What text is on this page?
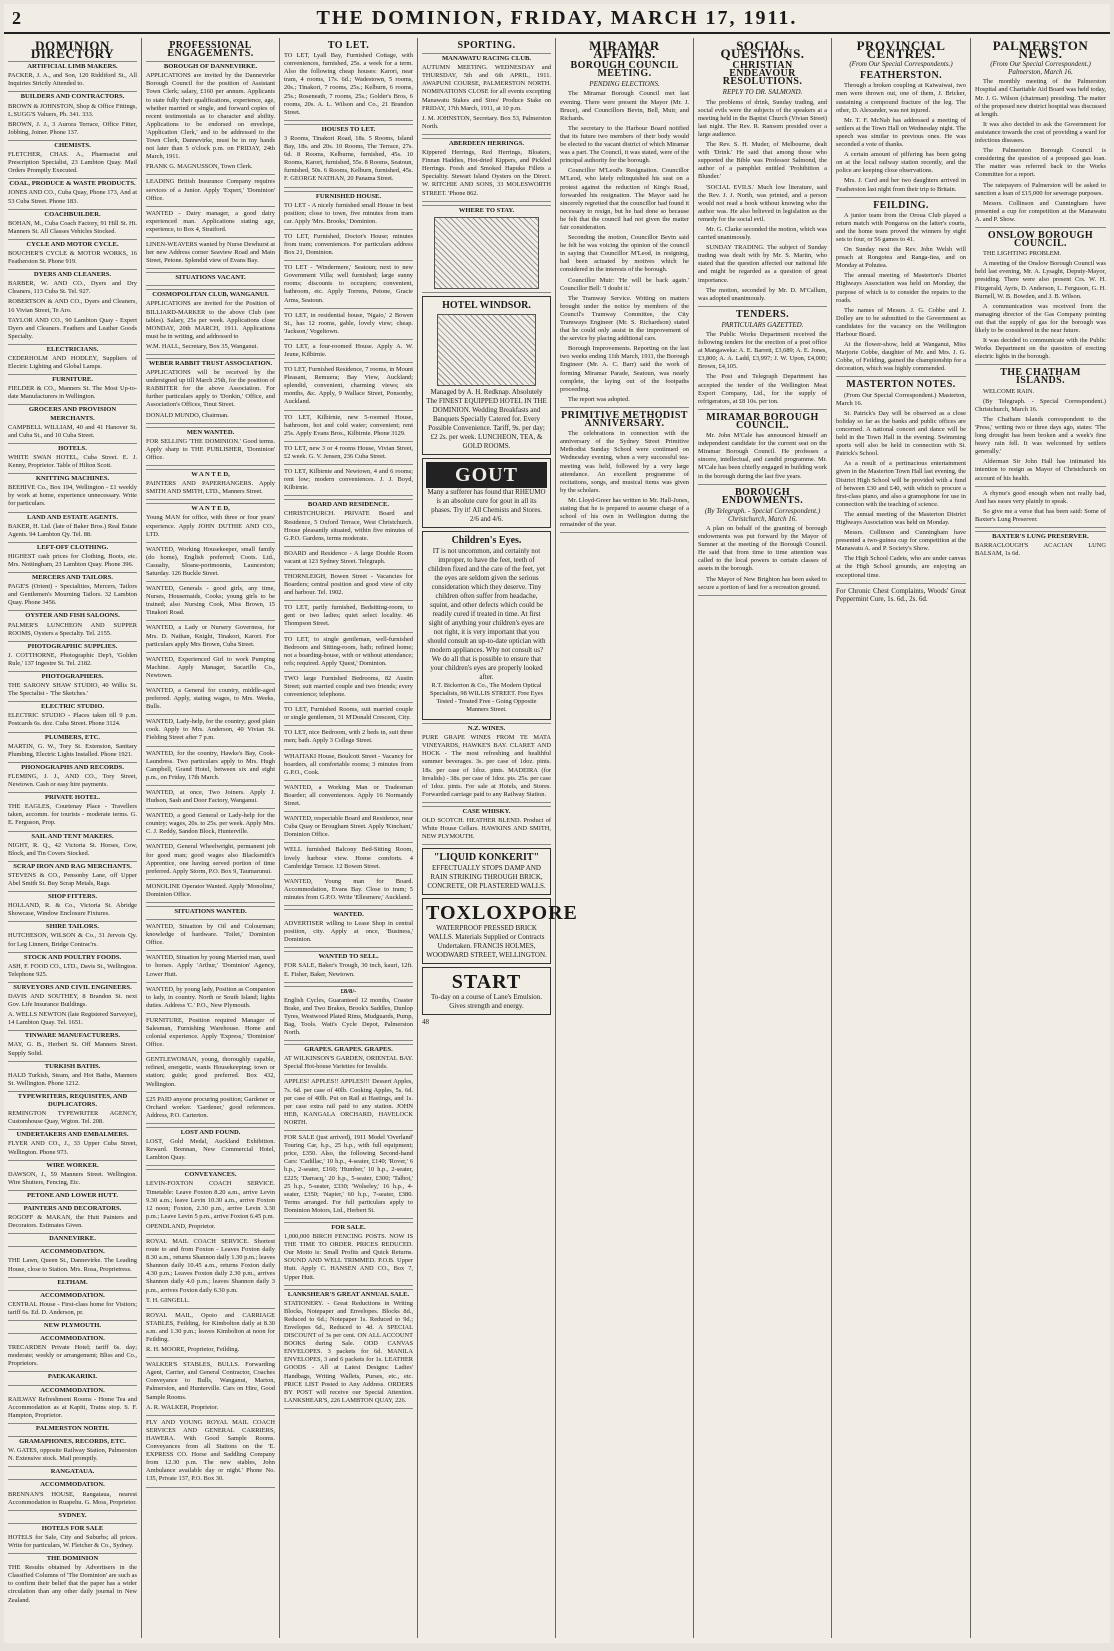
2	THE DOMINION, FRIDAY, MARCH 17, 1911.
DOMINION DIRECTORY
ARTIFICIAL LIMB MAKERS.
PACKER, J. A., and Son, 120 Riddiford St., All Inquiries Strictly Attended to.
BUILDERS AND CONTRACTORS.
BROWN & JOHNSTON, Shop & Office Fittings, L.SUGG'S Valuers, Ph. 341. 333.
BROWN, J. J., 3 Aurora Terrace, Office Fitter, Jobbing, Joiner. Phone 137.
CHEMISTS.
FLETCHER, CHAS. A., Pharmacist and Prescription Specialist, 23 Lambton Quay. Mail Orders Promptly Executed.
COAL, PRODUCE & WASTE PRODUCTS.
JONES AND CO., Cuba Quay, Phone 173, And at 53 Cuba Street. Phone 183.
COACHBUILDER.
BOHAN, M., Cuba Coach Factory, 91 Hill St. Ht. Manners St. All Classes Vehicles Stocked.
CYCLE AND MOTOR CYCLE.
BOUCHER'S CYCLE & MOTOR WORKS, 16 Featherston St. Phone 919.
DYERS AND CLEANERS.
BARBER, W. AND CO., Dyers and Dry Cleaners, 113 Cuba St. Tel. 927.
ROBERTSON & AND CO., Dyers and Cleaners, 16 Vivian Street, Te Aro.
TAYLOR AND CO., 90 Lambton Quay - Expert Dyers and Cleaners. Feathers and Leather Goods Specialty.
ELECTRICIANS.
CEDERHOLM AND HODLEY, Suppliers of Electric Lighting and Global Lamps.
FURNITURE.
FIELDER & CO., Manners St. The Most Up-to-date Manufacturers in Wellington.
GROCERS AND PROVISION MERCHANTS.
CAMPBELL WILLIAM, 40 and 41 Hanover St. and Cuba St., and 10 Cuba Street.
HOTELS.
WHITE SWAN HOTEL, Cuba Street. E. J. Kenny, Proprietor. Table of Hilton Scott.
KNITTING MACHINES.
BEEHIVE Co., Box 194, Wellington - £1 weekly by work at home, experience unnecessary. Write for particulars.
LAND AND ESTATE AGENTS.
BAKER, H. Ltd. (late of Baker Bros.) Real Estate Agents. 94 Lambton Qy. Tel. 88.
LEFT-OFF CLOTHING.
HIGHEST cash prices for Clothing, Boots, etc. Mrs. Nottingham, 23 Lambton Quay. Phone 396.
MERCERS AND TAILORS.
PAGE'S (Orient) - Specialities, Mercers, Tailors and Gentlemen's Mourning Tailors. 32 Lambton Quay. Phone 3456.
OYSTER AND FISH SALOONS.
PALMER'S LUNCHEON AND SUPPER ROOMS, Oysters a Specialty. Tel. 2155.
PHOTOGRAPHIC SUPPLIES.
J. COTTHORNE, Photographic Dep't, 'Golden Rule,' 137 Ingestre St. Tel. 2182.
PHOTOGRAPHERS.
THE SARONY SHAW STUDIO, 40 Willis St. The Specialist - 'The Sketches.'
ELECTRIC STUDIO.
ELECTRIC STUDIO - Places taken till 9 p.m. Postcards 6s. doz. Cuba Street. Phone 3124.
PLUMBERS, ETC.
MARTIN, G. W., Tory St. Extension, Sanitary Plumbing, Electric Lights Installed. Phone 1921.
PHONOGRAPHS AND RECORDS.
FLEMING, J. J., AND CO., Tory Street, Newtown. Cash or easy hire payments.
PRIVATE HOTEL.
THE EAGLES, Courtenay Place - Travellers taken, accomm. for tourists - moderate terms. G. E. Ferguson, Prop.
SAIL AND TENT MAKERS.
NIGHT, R. Q., 42 Victoria St. Horses, Cow, Block, and Tin Covers Stocked.
SCRAP IRON AND RAG MERCHANTS.
STEVENS & CO., Pensonby Lane, off Upper Abel Smith St. Buy Scrap Metals, Rags.
SHOP FITTERS.
HOLLAND, R. & Co., Victoria St. Abridge Showcase, Window Enclosure Fixtures.
SHIRE TAILORS.
HUTCHESON, WILSON & Co., 31 Jervois Qy. for Leg Linners, Bridge Contrac'rs.
STOCK AND POULTRY FOODS.
ASH, F. FOOD CO., LTD., Davis St., Wellington. Telephone 925.
SURVEYORS AND CIVIL ENGINEERS.
DAVIS AND SOUTHEY, 8 Brandon St. next Gov. Life Insurance Buildings.
A. WELLS NEWTON (late Registered Surveyor), 14 Lambton Quay. Tel. 1651.
TINWARE MANUFACTURERS.
MAY, G. B., Herbert St. Off Manners Street. Supply Solid.
TURKISH BATHS.
HALD Turkish, Steam, and Hot Baths, Manners St. Wellington. Phone 1212.
TYPEWRITERS, REQUISITES, AND DUPLICATORS.
REMINGTON TYPEWRITER AGENCY, Customhouse Quay, Wgton. Tel. 208.
UNDERTAKERS AND EMBALMERS.
FLYER AND CO., J., 33 Upper Cuba Street, Wellington. Phone 973.
WIRE WORKER.
DAWSON, J., 59 Manners Street. Wellington. Wire Shutters, Fencing, Etc.
PETONE AND LOWER HUTT.
PAINTERS AND DECORATORS.
ROGOFF & MAKAN, the Hutt Painters and Decorators. Estimates Given.
DANNEVIRKE.
ACCOMMODATION.
THE Lawn, Queen St., Dannevirke. The Leading House, close to Station. Mrs. Rosa, Proprietress.
ELTHAM.
ACCOMMODATION.
CENTRAL House - First-class home for Visitors; tariff 6s. Ed. D. Anderson, pr.
NEW PLYMOUTH.
ACCOMMODATION.
TRECARDEN Private Hotel; tariff 6s. day; moderate; weekly or arrangement; Bliss and Co., Proprietors.
PAEKAKARIKI.
ACCOMMODATION.
RAILWAY Refreshment Rooms - Home Tea and Accommodation as at Kapiti, Trains stop. S. F. Hampton, Proprietor.
PALMERSTON NORTH.
GRAMAPHONES, RECORDS, ETC.
W. GATES, opposite Railway Station, Palmerston N. Extensive stock. Mail promptly.
RANGATAUA.
ACCOMMODATION.
BRENNAN'S HOUSE, Rangataua, nearest Accommodation to Ruapehu. G. Moss, Proprietor.
SYDNEY.
HOTELS FOR SALE
HOTELS for Sale, City and Suburbs; all prices. Write for particulars, W. Fletcher & Co., Sydney.
THE DOMINION
THE Results obtained by Advertisers in the Classified Columns of 'The Dominion' are such as to confirm their belief that the paper has a wider circulation than any other daily journal in New Zealand.
PROFESSIONAL ENGAGEMENTS.
BOROUGH OF DANNEVIRKE.
APPLICATIONS are invited by the Dannevirke Borough Council for the position of Assistant Town Clerk; salary, £160 per annum. Applicants to state fully their qualifications, experience, age, whether married or single, and forward copies of recent testimonials as to character and ability. Applications to be endorsed on envelope, 'Application Clerk,' and to be addressed to the Town Clerk, Dannevirke, must be in my hands not later than 5 o'clock p.m. on FRIDAY, 24th March, 1911.
FRANK G. MAGNUSSON, Town Clerk.
LEADING British Insurance Company requires services of a Junior. Apply 'Expert,' 'Dominion' Office.
WANTED - Dairy manager, a good dairy experienced man. Applications stating age, experience, to Box 4, Stratford.
LINEN-WEAVERS wanted by Nurse Dewhurst at her new Address corner Seaview Road and Main Street, Petone. Splendid view of Evans Bay.
SITUATIONS VACANT.
COSMOPOLITAN CLUB, WANGANUI.
APPLICATIONS are invited for the Position of BILLIARD-MARKER to the above Club (see tables). Salary, 25s per week. Applications close MONDAY, 20th MARCH, 1911. Applications must be in writing, and addressed to
W.M. HALL, Secretary, Box 35, Wanganui.
WEBER RABBIT TRUST ASSOCIATION.
APPLICATIONS will be received by the undersigned up till March 25th, for the position of RABBITER for the above Association. For further particulars apply to 'Donkin,' Office, and Association's Offices, Tinui Street.
DONALD MUNDO, Chairman.
MEN WANTED.
FOR SELLING 'THE DOMINION.' Good terms. Apply sharp to THE PUBLISHER, 'Dominion' Office.
W A N T E D,
PAINTERS AND PAPERHANGERS. Apply SMITH AND SMITH, LTD., Manners Street.
W A N T E D,
Young MAN for office, with three or four years' experience. Apply JOHN DUTHIE AND CO., LTD.
WANTED, Working Housekeeper, small family (do home), English preferred; Coots. Ltd., Casualty, Sloane-portmounts, Launceston; Saturday. 126 Buckle Street.
WANTED, Generals - good girls, any time, Nurses, Housemaids, Cooks; young girls to be trained; also Nursing Cook, Miss Brown, 15 Tinakori Road.
WANTED, a Lady or Nursery Governess, for Mrs. D. Nathan, Knight, Tinakori, Karori. For particulars apply Mrs Brown, Cuba Street.
WANTED, Experienced Girl to work Pumping Machine. Apply Manager, Sacarillo Co., Newtown.
WANTED, a General for country, middle-aged preferred. Apply, stating wages, to Mrs. Weeks, Bulls.
WANTED, Lady-help, for the country; good plain cook. Apply to Mrs. Anderson, 40 Vivian St. Fielding Street after 7 p.m.
WANTED, for the country, Hawke's Bay, Cook-Laundress. Two particulars apply to Mrs. Hugh Campbell, Grand Hotel, between six and eight p.m., on Friday, 17th March.
WANTED, at once, Two Joiners. Apply J. Hudson, Sash and Door Factory, Wanganui.
WANTED, a good General or Lady-help for the country; wages, 20s. to 25s. per week. Apply Mrs. C. J. Reddy, Sandon Block, Hunterville.
WANTED, General Wheelwright, permanent job for good man; good wages also Blacksmith's Apprentice, one having served portion of time preferred. Apply Storm, P.O. Box 9, Taumarunui.
MONOLINE Operator Wanted. Apply 'Monoline,' Dominion Office.
SITUATIONS WANTED.
WANTED, Situation by Oil and Colourman; knowledge of hardware. 'Toilet,' Dominion Office.
WANTED, Situation by young Married man, used to horses. Apply 'Arthur,' 'Dominion' Agency, Lower Hutt.
WANTED, by young lady, Position as Companion to lady, in country. North or South Island; lights duties. Address 'C.' P.O., New Plymouth.
FURNITURE, Position required Manager of Salesman, Furnishing Warehouse. Home and colonial experience. Apply 'Express,' 'Dominion' Office.
GENTLEWOMAN, young, thoroughly capable, refined, energetic, wants Housekeeping; town or station; guide; good preferred. Box 432, Wellington.
£25 PAID anyone procuring position; Gardener or Orchard worker. 'Gardener,' good references. Address, P.O. Carterton.
LOST AND FOUND.
LOST, Gold Medal, Auckland Exhibition. Reward. Brennan, New Commercial Hotel, Lambton Quay.
CONVEYANCES.
LEVIN-FOXTON COACH SERVICE. Timetable: Leave Foxton 8.20 a.m., arrive Levin 9.30 a.m.; leave Levin 10.30 a.m., arrive Foxton 12 noon; Foxton, 2.30 p.m., arrive Levin 3.30 p.m.; Leave Levin 5 p.m., arrive Foxton 6.45 p.m.
OPENDLAND, Proprietor.
ROYAL MAIL COACH SERVICE. Shortest route to and from Foxton - Leaves Foxton daily 8.30 a.m., returns Shannon daily 1.30 p.m.; leaves Shannon daily 10.45 a.m., returns Foxton daily 4.30 p.m.; Leaves Foxton daily 2.30 p.m., arrives Shannon daily 4.0 p.m.; leaves Shannon daily 3 p.m., arrives Foxton daily 6.30 p.m.
T. H. GINGELL.
ROYAL MAIL, Opoio and CARRIAGE STABLES, Feilding, for Kimbolton daily at 8.30 a.m. and 1.30 p.m.; leaves Kimbolton at noon for Feilding.
R. H. MOORE, Proprietor, Feilding.
WALKER'S STABLES, BULLS. Forwarding Agent, Carrier, and General Contractor, Coaches Conveyance to Bulls, Wanganui, Marton, Palmerston, and Hunterville. Cars on Hire, Good Sample Rooms.
A. R. WALKER, Proprietor.
FLY AND YOUNG ROYAL MAIL COACH SERVICES AND GENERAL CARRIERS, HAWERA. With Good Sample Rooms. Conveyances from all Stations on the 'E. EXPRESS CO. Horse and Saddling Company from 12.30 p.m. The new stables, John Ambulance available day or night.' Phone No. 135, Private 137, P.O. Box 30.
TO LET.
TO LET, Lyall Bay, Furnished Cottage, with conveniences, furnished, 25s. a week for a term. Also the following cheap houses: Karori, near tram, 4 rooms, 17s. 6d.; Wadestown, 5 rooms, 20s.; Tinakori, 7 rooms, 25s.; Kelburn, 6 rooms, 25s.; Roseneath, 7 rooms, 25s.; Golder's Bros, 6 rooms, 20s. A. L. Wilson and Co., 21 Brandon Street.
HOUSES TO LET.
3 Rooms, Tinakori Road, 18s. 5 Rooms, Island Bay, 18s. and 20s. 10 Rooms, The Terrace, 27s. 6d. 8 Rooms, Kelburne, furnished, 45s. 10 Rooms, Karori, furnished, 55s. 8 Rooms, Seatoun, furnished, 50s. 6 Rooms, Kelburn, furnished, 45s. F. GEORGE NATHAN, 20 Panama Street.
FURNISHED HOUSE.
TO LET - A nicely furnished small House in best position; close to town, five minutes from tram car. Apply 'Mrs. Brooks,' Dominion.
TO LET, Furnished, Doctor's House; minutes from tram; conveniences. For particulars address Box 21, Dominion.
TO LET - 'Windermere,' Seatoun; next to new Government Villa; well furnished; large sunny rooms; discounts to occupiers; convenient, bathroom, etc. Apply Torrens, Petone, Gracie Arms, Seatoun.
TO LET, in residential house, 'Ngaio,' 2 Bowen St., has 12 rooms, gable, lovely view; cheap. 'Jackson,' Vogeltown.
TO LET, a four-roomed House. Apply A. W. Jeune, Kilbirnie.
TO LET, Furnished Residence, 7 rooms, in Mount Pleasant, Remuera; Bay View, Auckland; splendid, convenient, charming views; six months, &c. Apply, 9 Wallace Street, Ponsonby, Auckland.
TO LET, Kilbirnie, new 5-roomed House, bathroom, hot and cold water; convenient; rent 25s. Apply Evans Bros., Kilbirnie. Phone 3129.
TO LET, new 3 or 4 rooms House, Vivian Street, £2 week. G. V. Jensen, 236 Cuba Street.
TO LET, Kilbirnie and Newtown, 4 and 6 rooms; rent low; modern conveniences. J. J. Boyd, Kilbirnie.
BOARD AND RESIDENCE.
CHRISTCHURCH. PRIVATE Board and Residence, 5 Oxford Terrace, West Christchurch. House pleasantly situated, within five minutes of G.P.O. Gardens, terms moderate.
BOARD and Residence - A large Double Room vacant at 123 Sydney Street. Telegraph.
THORNLEIGH, Bowen Street - Vacancies for Boarders; central position and good view of city and harbour. Tel. 1902.
TO LET, partly furnished, Bedsitting-room, to gent or two ladies; quiet select locality. 46 Thompson Street.
TO LET, to single gentleman, well-furnished Bedroom and Sitting-room, bath; refined home; not a boarding-house, with or without attendance; refs; required. Apply 'Quest,' Dominion.
TWO large Furnished Bedrooms, 82 Austin Street; suit married couple and two friends; every convenience; telephone.
TO LET, Furnished Rooms, suit married couple or single gentlemen, 31 M'Donald Crescent, City.
TO LET, nice Bedroom, with 2 beds in, suit three men; bath. Apply 3 College Street.
WHAITAKI House, Boulcott Street - Vacancy for boarders, all comfortable rooms; 3 minutes from G.P.O., Cook.
WANTED, a Working Man or Tradesman Boarder; all conveniences. Apply 16 Normandy Street.
WANTED, respectable Board and Residence, near Cuba Quay or Brougham Street. Apply 'Kinchant,' Dominion Office.
WELL furnished Balcony Bed-Sitting Room, lovely harbour view. Home comforts. 4 Cambridge Terrace. 12 Bowen Street.
WANTED, Young man for Board. Accommodation, Evans Bay. Close to tram; 5 minutes from G.P.O. Write 'Ellesmere,' Auckland.
WANTED.
ADVERTISER willing to Lease Shop in central position, city. Apply at once, 'Business,' Dominion.
WANTED TO SELL.
FOR SALE, Baker's Trough, 30 inch, kauri, 12ft. E. Fisher, Baker, Newtown.
£8/8/-
English Cycles, Guaranteed 12 months, Coaster Brake, and Two Brakes, Brook's Saddles, Dunlop Tyres, Westwood Plated Rims, Mudguards, Pump, Bag, Tools. Watt's Cycle Depot, Palmerston North.
GRAPES. GRAPES. GRAPES.
AT WILKINSON'S GARDEN, ORIENTAL BAY. Special Hot-house Varieties for Invalids.
APPLES! APPLES!! APPLES!!! Dessert Apples, 7s. 6d. per case of 40lb. Cooking Apples, 5s. 6d. per case of 40lb. Put on Rail at Hastings, and 1s. per case extra rail paid to any station. JOHN HEB, KANGALA ORCHARD, HAVELOCK NORTH.
FOR SALE (just arrived), 1911 Model 'Overland' Touring Car, h.p., 25 h.p., with full equipment; price, £350. Also, the following Second-hand Cars: 'Cadillac,' 10 h.p., 4-seater, £140; 'Rover,' 6 h.p., 2-seater, £160; 'Humber,' 10 h.p., 2-seater, £225; 'Darracq,' 20 h.p., 5-seater, £300; 'Talbot,' 25 h.p., 5-seater, £330; 'Wolseley,' 16 h.p., 4-seater, £350; 'Napier,' 60 h.p., 7-seater, £380. Terms arranged. For full particulars apply to Dominion Motors, Ltd., Herbert St.
FOR SALE.
1,000,000 BIRCH FENCING POSTS. NOW IS THE TIME TO ORDER. PRICES REDUCED. Our Motto is: Small Profits and Quick Returns. SOUND AND WELL TRIMMED. P.O.B. Upper Hutt. Apply C. HANSEN AND CO., Box 7, Upper Hutt.
LANKSHEAR'S GREAT ANNUAL SALE.
STATIONERY. - Great Reductions in Writing Blocks, Notepaper and Envelopes. Blocks 8d., Reduced to 6d.; Notepaper 1s. Reduced to 9d.; Envelopes 6d., Reduced to 4d. A SPECIAL DISCOUNT of 3s per cent. ON ALL ACCOUNT BOOKS during Sale. ODD CANVAS ENVELOPES. 3 packets for 6d. MANILA ENVELOPES, 3 and 6 packets for 1s. LEATHER GOODS - All at Latest Designs: Ladies' Handbags, Writing Wallets, Purses, etc., etc. PRICE LIST Posted to Any Address. ORDERS BY POST will receive our Special Attention. LANKSHEAR'S, 226 LAMBTON QUAY, 226.
SPORTING.
MANAWATU RACING CLUB.
AUTUMN MEETING. WEDNESDAY and THURSDAY, 5th and 6th APRIL, 1911. AWAPUNI COURSE, PALMERSTON NORTH. NOMINATIONS CLOSE for all events excepting Manawatu Stakes and Sires' Produce Stake on FRIDAY, 17th March, 1911, at 10 p.m.
J. M. JOHNSTON, Secretary. Box 53, Palmerston North.
ABERDEEN HERRINGS.
Kippered Herrings, Red Herrings, Bloaters, Finnan Haddies, Hot-dried Kippers, and Pickled Herrings. Fresh and Smoked Hapuka Fillets a Speciality. Stewart Island Oysters on the Direct. W. RITCHIE AND SONS, 33 MOLESWORTH STREET. 'Phone 862.
WHERE TO STAY.
HOTEL WINDSOR.
Managed by A. H. Redknap. Absolutely The FINEST EQUIPPED HOTEL IN THE DOMINION. Wedding Breakfasts and Banquets Specially Catered for. Every Possible Convenience. Tariff, 9s. per day; £2 2s. per week. LUNCHEON, TEA, & GOLD ROOMS.
GOUT
Many a sufferer has found that RHEUMO is an absolute cure for gout in all its phases. Try it! All Chemists and Stores. 2/6 and 4/6.
Children's Eyes.
IT is not uncommon, and certainly not improper, to have the feet, teeth of children fixed and the care of the feet, yet the eyes are seldom given the serious consideration which they deserve. Tiny children often suffer from headache, squint, and other defects which could be readily cured if treated in time. At first sight of anything your children's eyes are not right, it is very important that you should consult an up-to-date optician with modern appliances. Why not consult us? We do all that is possible to ensure that your children's eyes are properly looked after.
R.T. Bickerton & Co., The Modern Optical Specialists, 98 WILLIS STREET. Free Eyes Tested - Treated Free - Going Opposite Manners Street.
N.Z. WINES.
PURE GRAPE WINES FROM TE MATA VINEYARDS, HAWKE'S BAY. CLARET AND HOCK - The most refreshing and healthful summer beverages. 3s. per case of 1doz. pints. 18s. per case of 1doz. pints. MADEIRA (for Invalids) - 38s. per case of 1doz. pts. 25s. per case of 1doz. pints. For sale at Hotels, and Stores. Forwarded carriage paid to any Railway Station.
CASE WHISKY.
OLD SCOTCH. HEATHER BLEND. Product of White House Cellars. HAWKINS AND SMITH, NEW PLYMOUTH.
"LIQUID KONKERIT"
EFFECTUALLY STOPS DAMP AND RAIN STRIKING THROUGH BRICK, CONCRETE, OR PLASTERED WALLS.
TOXLOXPORE
WATERPROOF PRESSED BRICK WALLS. Materials Supplied or Contracts Undertaken. FRANCIS HOLMES, WOODWARD STREET, WELLINGTON.
START
To-day on a course of Lane's Emulsion. Gives strength and energy.
48
MIRAMAR AFFAIRS.
BOROUGH COUNCIL MEETING.
PENDING ELECTIONS.
The Miramar Borough Council met last evening. There were present the Mayor (Mr. J. Bruce), and Councillors Bevin, Bell, Muir, and Richards.
The secretary to the Harbour Board notified that its future two members of their body would be elected to the vacant district of which Miramar was a part. The Council, it was stated, were of the principal authority for the borough.
Councillor M'Leod's Resignation. Councillor M'Leod, who lately relinquished his seat on a protest against the reduction of King's Road, forwarded his resignation. The Mayor said he sincerely regretted that the councillor had found it necessary to resign, but he had done so because he felt that the council had not given the matter fair consideration.
Seconding the motion, Councillor Bevin said he felt he was voicing the opinion of the council in saying that Councillor M'Leod, in resigning, had been actuated by motives which he considered in the interests of the borough.
Councillor Muir: 'He will be back again.' Councillor Bell: 'I doubt it.'
The Tramway Service. Writing on matters brought under the notice by members of the Council's Tramway Committee, the City Tramways Engineer (Mr. S. Richardson) stated that he could only assist in the improvement of the service by placing additional cars.
Borough Improvements. Reporting on the last two weeks ending 11th March, 1911, the Borough Engineer (Mr. A. C. Barr) said the work of forming Miramar Parade, Seatoun, was nearly complete, the laying out of the footpaths proceeding.
The report was adopted.
PRIMITIVE METHODIST ANNIVERSARY.
The celebrations in connection with the anniversary of the Sydney Street Primitive Methodist Sunday School were continued on Wednesday evening, when a very successful tea-meeting was held, followed by a very large attendance. An excellent programme of recitations, songs, and musical items was given by the scholars.
Mr. Lloyd-Greer has written to Mr. Hall-Jones, stating that he is prepared to assume charge of a school of his own in Wellington during the remainder of the year.
SOCIAL QUESTIONS.
CHRISTIAN ENDEAVOUR RESOLUTIONS.
REPLY TO DR. SALMOND.
The problems of drink, Sunday trading, and social evils were the subjects of the speakers at a meeting held in the Baptist Church (Vivian Street) last night. The Rev. R. Ransom presided over a large audience.
The Rev. S. H. Muder, of Melbourne, dealt with 'Drink.' He said that among those who supported the Bible was Professor Salmond, the author of a pamphlet entitled 'Prohibition a Blunder.'
'SOCIAL EVILS.' Much low literature, said the Rev. J. J. North, was printed, and a person would not read a book without knowing who the author was. He also believed in legislation as the remedy for the social evil.
Mr. G. Clarke seconded the motion, which was carried unanimously.
SUNDAY TRADING. The subject of Sunday trading was dealt with by Mr. S. Mariin, who stated that the question affected our national life and might be regarded as a question of great importance.
The motion, seconded by Mr. D. M'Callum, was adopted unanimously.
TENDERS.
PARTICULARS GAZETTED.
The Public Works Department received the following tenders for the erection of a post office at Mangaweka: A. E. Barrett, £3,689; A. E. Jones, £3,800; A. A. Ladd, £3,997; J. W. Upon, £4,000; Brown, £4,105.
The Post and Telegraph Department has accepted the tender of the Wellington Meat Export Company, Ltd., for the supply of refrigerators, at £8 10s. per ton.
MIRAMAR BOROUGH COUNCIL.
Mr. John M'Cale has announced himself an independent candidate for the current seat on the Miramar Borough Council. He professes a sincere, intellectual, and candid programme. Mr. M'Cale has been chiefly engaged in building work in the borough during the last five years.
BOROUGH ENDOWMENTS.
(By Telegraph. - Special Correspondent.) Christchurch, March 16.
A plan on behalf of the granting of borough endowments was put forward by the Mayor of Sumner at the meeting of the Borough Council. He said that from time to time attention was called to the local powers to certain classes of assets in the borough.
The Mayor of New Brighton has been asked to secure a portion of land for a recreation ground.
PROVINCIAL CENTRES.
(From Our Special Correspondents.)
FEATHERSTON.
Through a broken coupling at Kaiwaiwai, two men were thrown out, one of them, J. Bricker, sustaining a compound fracture of the leg. The other, D. Alexander, was not injured.
Mr. T. F. McNab has addressed a meeting of settlers at the Town Hall on Wednesday night. The speech was similar to previous ones. He was seconded a vote of thanks.
A certain amount of pilfering has been going on at the local railway station recently, and the police are keeping close observations.
Mrs. J. Card and her two daughters arrived in Featherston last night from their trip to Britain.
FEILDING.
A junior team from the Oroua Club played a return match with Pongaroa on the latter's courts, and the home team proved the winners by eight sets to four, or 56 games to 41.
On Sunday next the Rev. John Welsh will preach at Rongotea and Ranga-tiea, and on Monday at Pohutea.
The annual meeting of Masterton's District Highways Association was held on Monday, the purpose of which is to consider the repairs to the roads.
The names of Messrs. J. G. Cobbe and J. Dolley are to be submitted to the Government as candidates for the vacancy on the Wellington Harbour Board.
At the flower-show, held at Wanganui, Miss Marjorie Cobbe, daughter of Mr. and Mrs. J. G. Cobbe, of Feilding, gained the championship for a decoration, which was highly commended.
MASTERTON NOTES.
(From Our Special Correspondent.) Masterton, March 16.
St. Patrick's Day will be observed as a close holiday so far as the banks and public offices are concerned. A national concert and dance will be held in the Town Hall in the evening. Swimming sports will also be held in connection with St. Patrick's School.
As a result of a pertinacious entertainment given in the Masterton Town Hall last evening, the District High School will be provided with a fund of between £30 and £40, with which to procure a first-class piano, and also a gramophone for use in connection with the teaching of science.
The annual meeting of the Masterton District Highways Association was held on Monday.
Messrs. Collinson and Cunningham have presented a two-guinea cup for competition at the Manawatu A. and P. Society's Show.
The High School Cadets, who are under canvas at the High School grounds, are enjoying an exceptional time.
For Chronic Chest Complaints, Woods' Great Peppermint Cure, 1s. 6d., 2s. 6d.
PALMERSTON NEWS.
(From Our Special Correspondent.) Palmerston, March 16.
The monthly meeting of the Palmerston Hospital and Charitable Aid Board was held today, Mr. J. G. Wilson (chairman) presiding. The matter of the proposed new district hospital was discussed at length.
It was also decided to ask the Government for assistance towards the cost of providing a ward for infectious diseases.
The Palmerston Borough Council is considering the question of a proposed gas loan. The matter was referred back to the Works Committee for a report.
The ratepayers of Palmerston will be asked to sanction a loan of £15,000 for sewerage purposes.
Messrs. Collinson and Cunningham have presented a cup for competition at the Manawatu A. and P. Show.
ONSLOW BOROUGH COUNCIL.
THE LIGHTING PROBLEM.
A meeting of the Onslow Borough Council was held last evening, Mr. A. Lysaght, Deputy-Mayor, presiding. There were also present Crs. W. H. Fitzgerald, Ayris, D. Anderson, L. Ferguson, G. H. Burnell, W. B. Bowden, and J. B. Wilson.
A communication was received from the managing director of the Gas Company pointing out that the supply of gas for the borough was likely to be considered in the near future.
It was decided to communicate with the Public Works Department on the question of erecting electric lights in the borough.
THE CHATHAM ISLANDS.
WELCOME RAIN.
(By Telegraph. - Special Correspondent.) Christchurch, March 16.
The Chatham Islands correspondent to the 'Press,' writing two or three days ago, states: 'The long drought has been broken and a week's fine heavy rain fell. It was welcomed by settlers generally.'
Alderman Sir John Hall has intimated his intention to resign as Mayor of Christchurch on account of his health.
A rhyme's good enough when not really bad, And has eases very plainly to speak.
So give me a verse that has been said: Some of Baxter's Lung Preserver.
BAXTER'S LUNG PRESERVER.
BARRACLOUGH'S ACACIAN LUNG BALSAM, 1s 6d.
